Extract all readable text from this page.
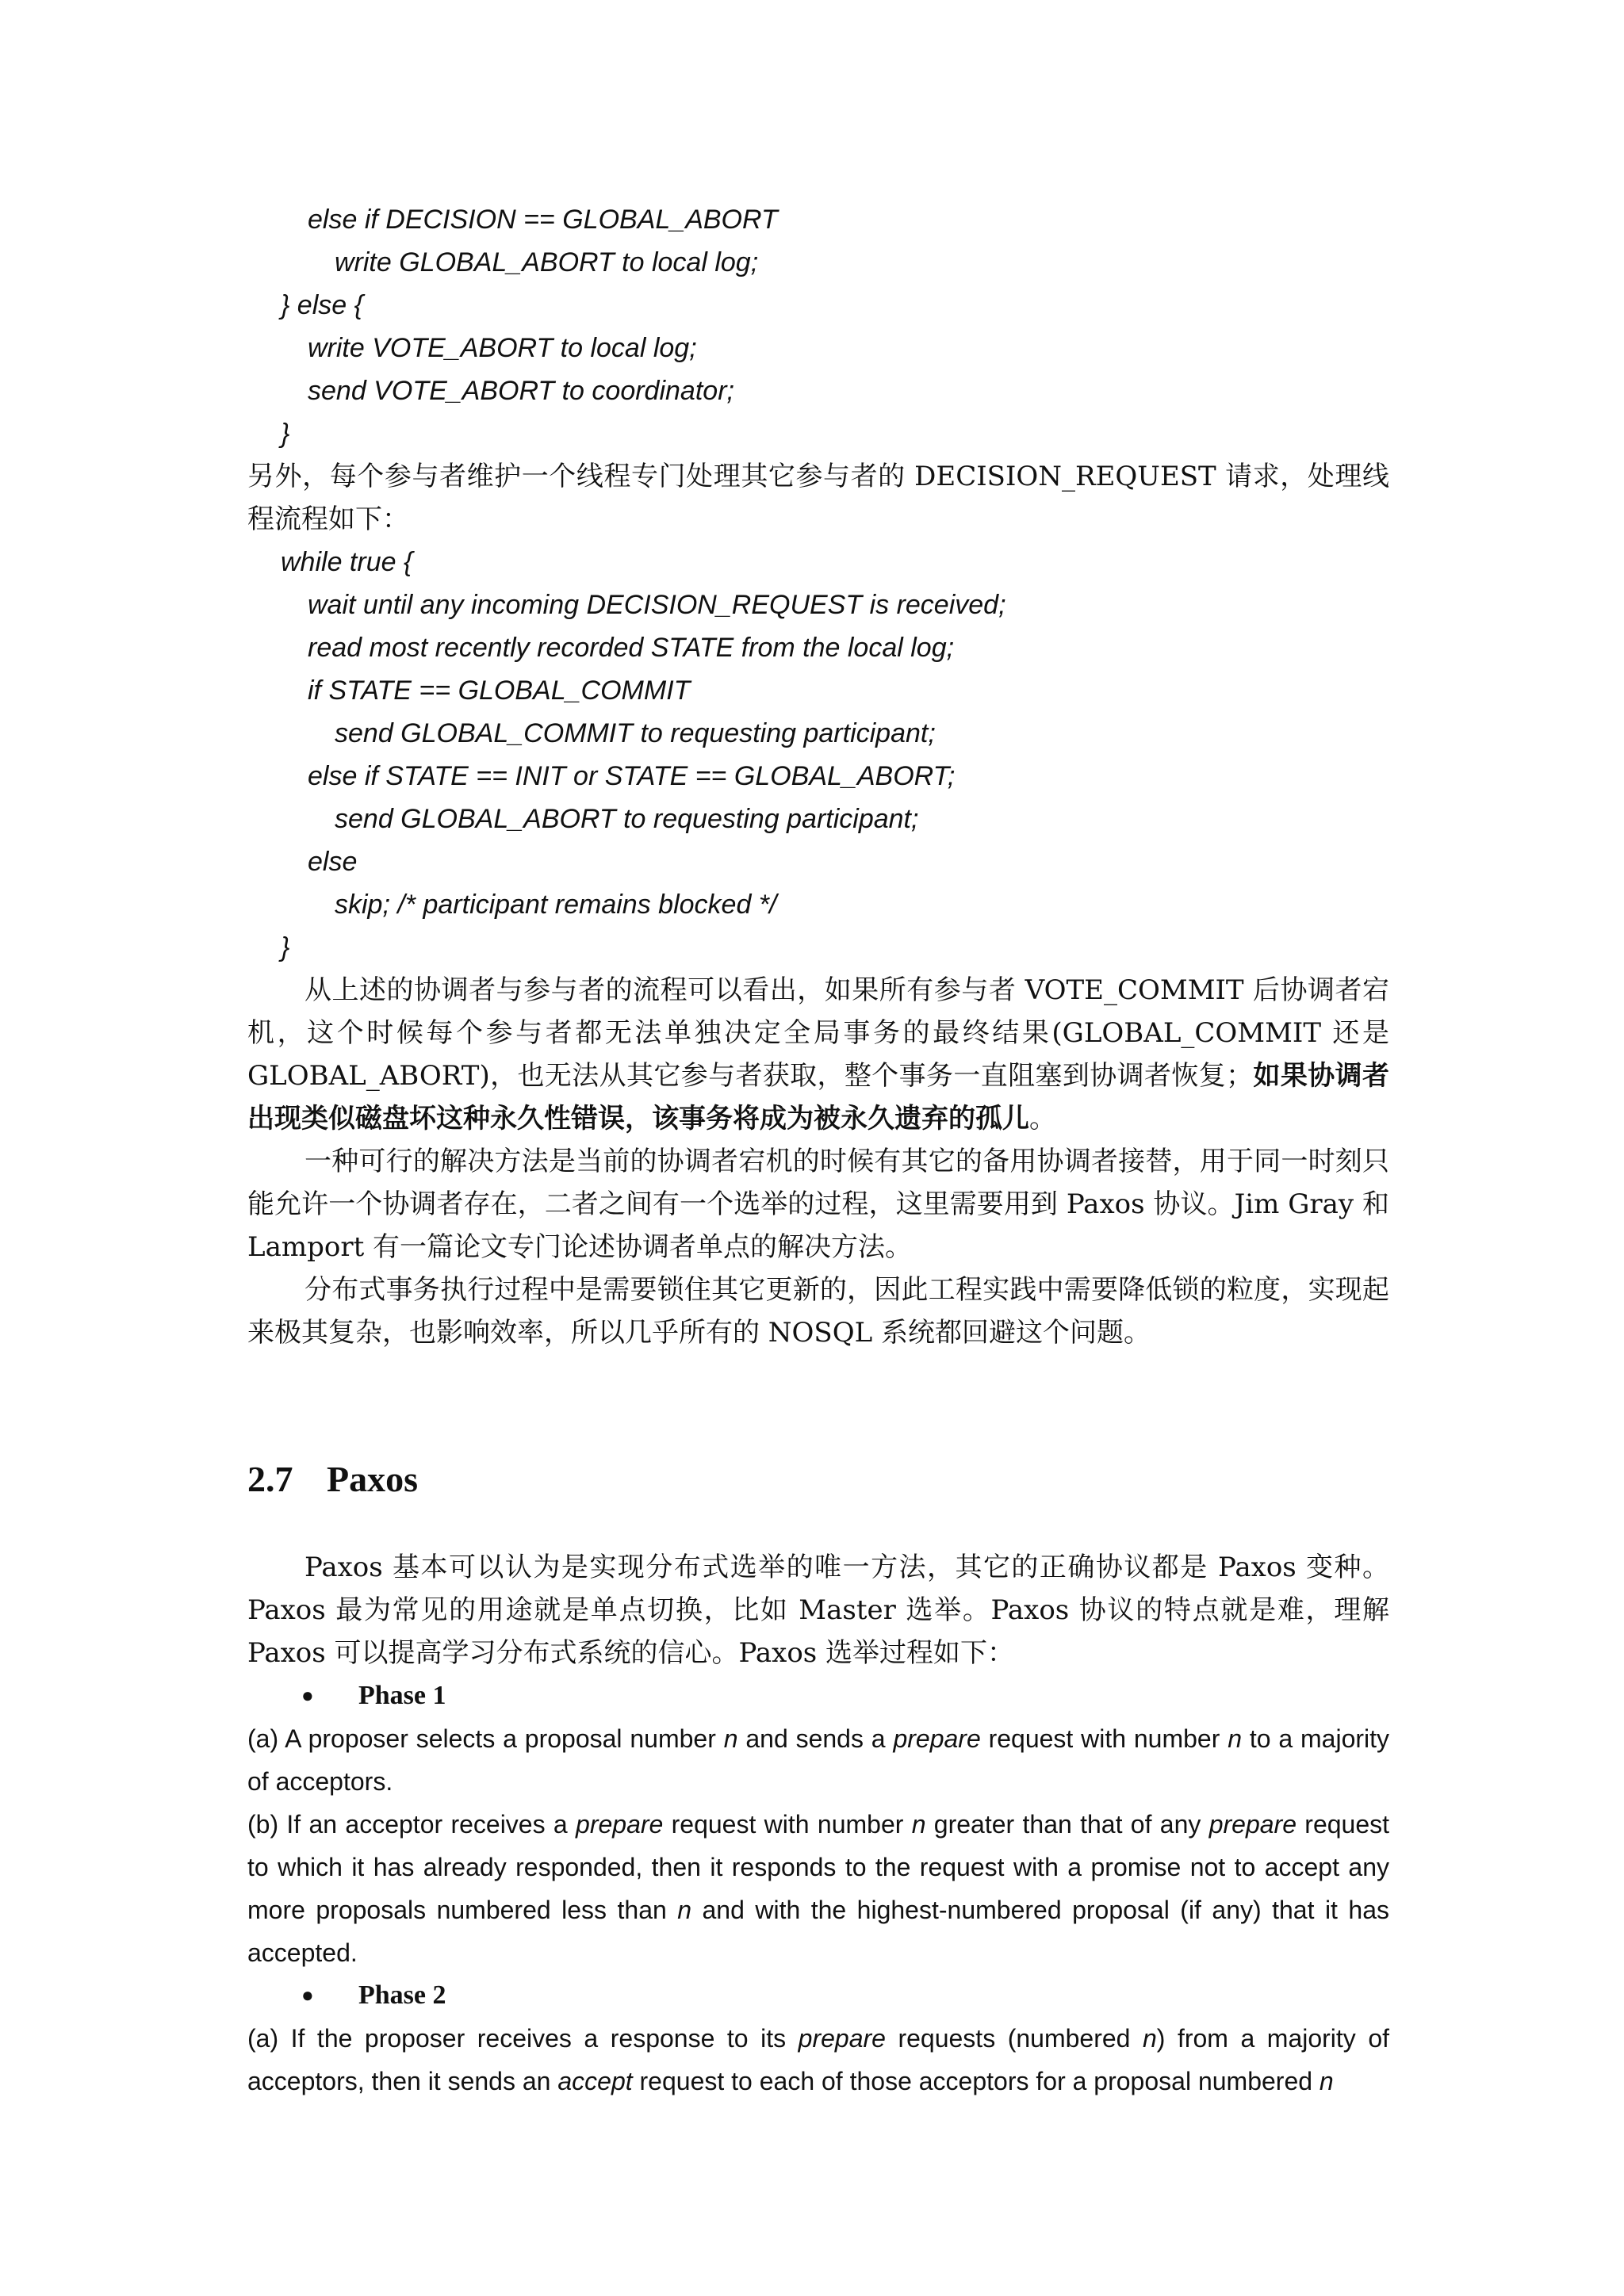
else if DECISION == GLOBAL_ABORT
write GLOBAL_ABORT to local log;
} else {
write VOTE_ABORT to local log;
send VOTE_ABORT to coordinator;
}

另外，每个参与者维护一个线程专门处理其它参与者的 DECISION_REQUEST 请求，处理线程流程如下：

while true {
wait until any incoming DECISION_REQUEST is received;
read most recently recorded STATE from the local log;
if STATE == GLOBAL_COMMIT
send GLOBAL_COMMIT to requesting participant;
else if STATE == INIT or STATE == GLOBAL_ABORT;
send GLOBAL_ABORT to requesting participant;
else
skip; /* participant remains blocked */
}

从上述的协调者与参与者的流程可以看出，如果所有参与者 VOTE_COMMIT 后协调者宕机，这个时候每个参与者都无法单独决定全局事务的最终结果(GLOBAL_COMMIT 还是 GLOBAL_ABORT)，也无法从其它参与者获取，整个事务一直阻塞到协调者恢复；如果协调者出现类似磁盘坏这种永久性错误，该事务将成为被永久遗弃的孤儿。

一种可行的解决方法是当前的协调者宕机的时候有其它的备用协调者接替，用于同一时刻只能允许一个协调者存在，二者之间有一个选举的过程，这里需要用到 Paxos 协议。Jim Gray 和 Lamport 有一篇论文专门论述协调者单点的解决方法。

分布式事务执行过程中是需要锁住其它更新的，因此工程实践中需要降低锁的粒度，实现起来极其复杂，也影响效率，所以几乎所有的 NOSQL 系统都回避这个问题。

2.7 Paxos

Paxos 基本可以认为是实现分布式选举的唯一方法，其它的正确协议都是 Paxos 变种。Paxos 最为常见的用途就是单点切换，比如 Master 选举。Paxos 协议的特点就是难，理解 Paxos 可以提高学习分布式系统的信心。Paxos 选举过程如下：

● Phase 1

(a) A proposer selects a proposal number n and sends a prepare request with number n to a majority of acceptors.

(b) If an acceptor receives a prepare request with number n greater than that of any prepare request to which it has already responded, then it responds to the request with a promise not to accept any more proposals numbered less than n and with the highest-numbered proposal (if any) that it has accepted.

● Phase 2

(a) If the proposer receives a response to its prepare requests (numbered n) from a majority of acceptors, then it sends an accept request to each of those acceptors for a proposal numbered n
